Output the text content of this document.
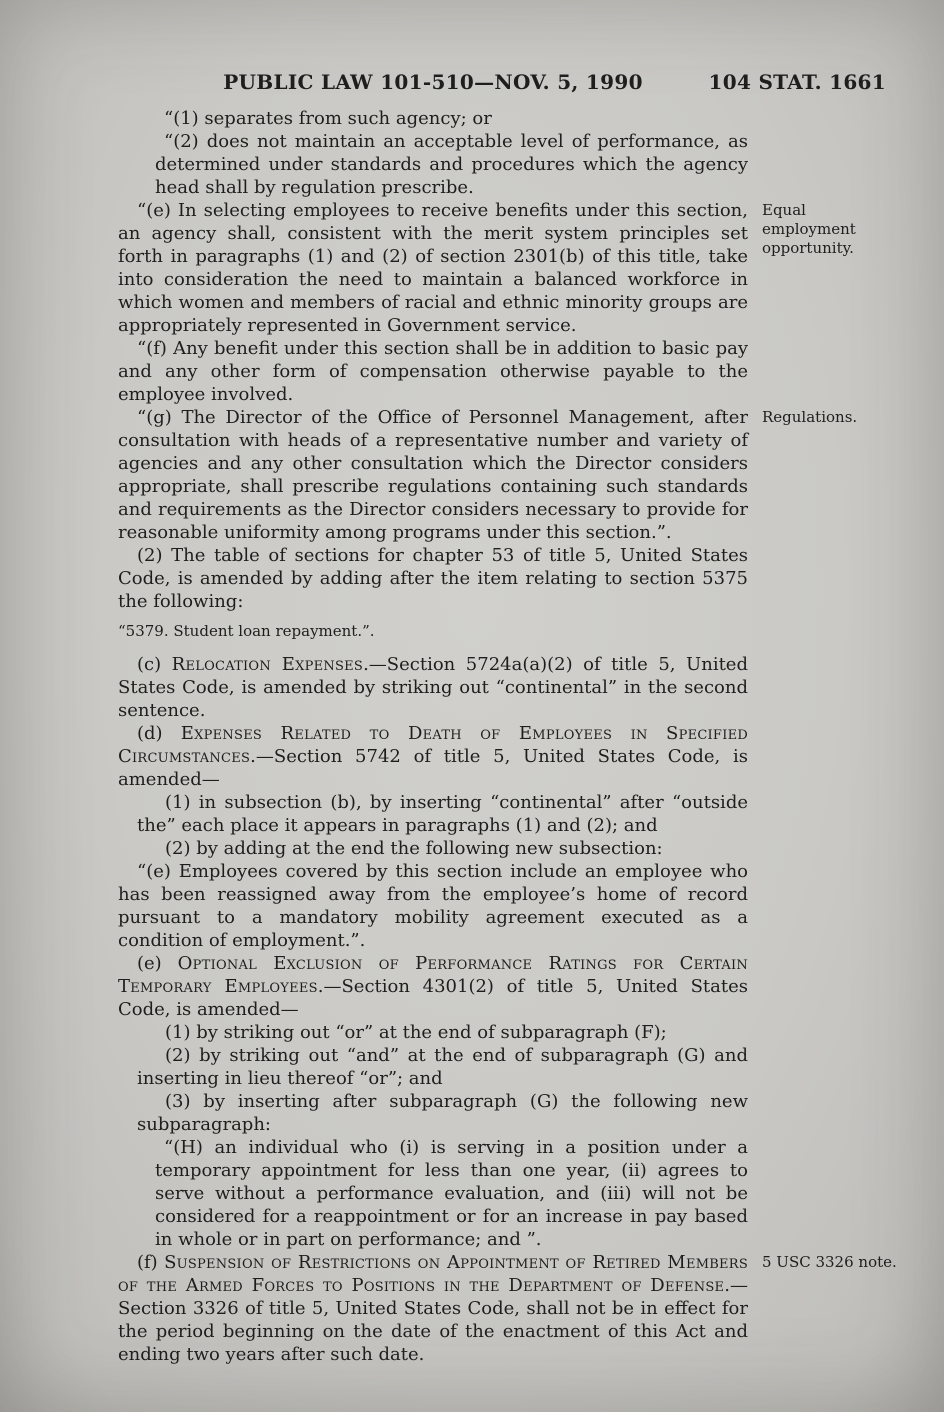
PUBLIC LAW 101-510—NOV. 5, 1990	104 STAT. 1661

“(1) separates from such agency; or

“(2) does not maintain an acceptable level of performance, as determined under standards and procedures which the agency head shall by regulation prescribe.

“(e) In selecting employees to receive benefits under this section, an agency shall, consistent with the merit system principles set forth in paragraphs (1) and (2) of section 2301(b) of this title, take into consideration the need to maintain a balanced workforce in which women and members of racial and ethnic minority groups are appropriately represented in Government service.
Equal employment opportunity.

“(f) Any benefit under this section shall be in addition to basic pay and any other form of compensation otherwise payable to the employee involved.

“(g) The Director of the Office of Personnel Management, after consultation with heads of a representative number and variety of agencies and any other consultation which the Director considers appropriate, shall prescribe regulations containing such standards and requirements as the Director considers necessary to provide for reasonable uniformity among programs under this section.”.
Regulations.

(2) The table of sections for chapter 53 of title 5, United States Code, is amended by adding after the item relating to section 5375 the following:

“5379. Student loan repayment.”.

(c) Relocation Expenses.—Section 5724a(a)(2) of title 5, United States Code, is amended by striking out “continental” in the second sentence.

(d) Expenses Related to Death of Employees in Specified Circumstances.—Section 5742 of title 5, United States Code, is amended—

(1) in subsection (b), by inserting “continental” after “outside the” each place it appears in paragraphs (1) and (2); and

(2) by adding at the end the following new subsection:

“(e) Employees covered by this section include an employee who has been reassigned away from the employee’s home of record pursuant to a mandatory mobility agreement executed as a condition of employment.”.

(e) Optional Exclusion of Performance Ratings for Certain Temporary Employees.—Section 4301(2) of title 5, United States Code, is amended—

(1) by striking out “or” at the end of subparagraph (F);

(2) by striking out “and” at the end of subparagraph (G) and inserting in lieu thereof “or”; and

(3) by inserting after subparagraph (G) the following new subparagraph:

“(H) an individual who (i) is serving in a position under a temporary appointment for less than one year, (ii) agrees to serve without a performance evaluation, and (iii) will not be considered for a reappointment or for an increase in pay based in whole or in part on performance; and ”.

(f) Suspension of Restrictions on Appointment of Retired Members of the Armed Forces to Positions in the Department of Defense.—Section 3326 of title 5, United States Code, shall not be in effect for the period beginning on the date of the enactment of this Act and ending two years after such date.
5 USC 3326 note.
